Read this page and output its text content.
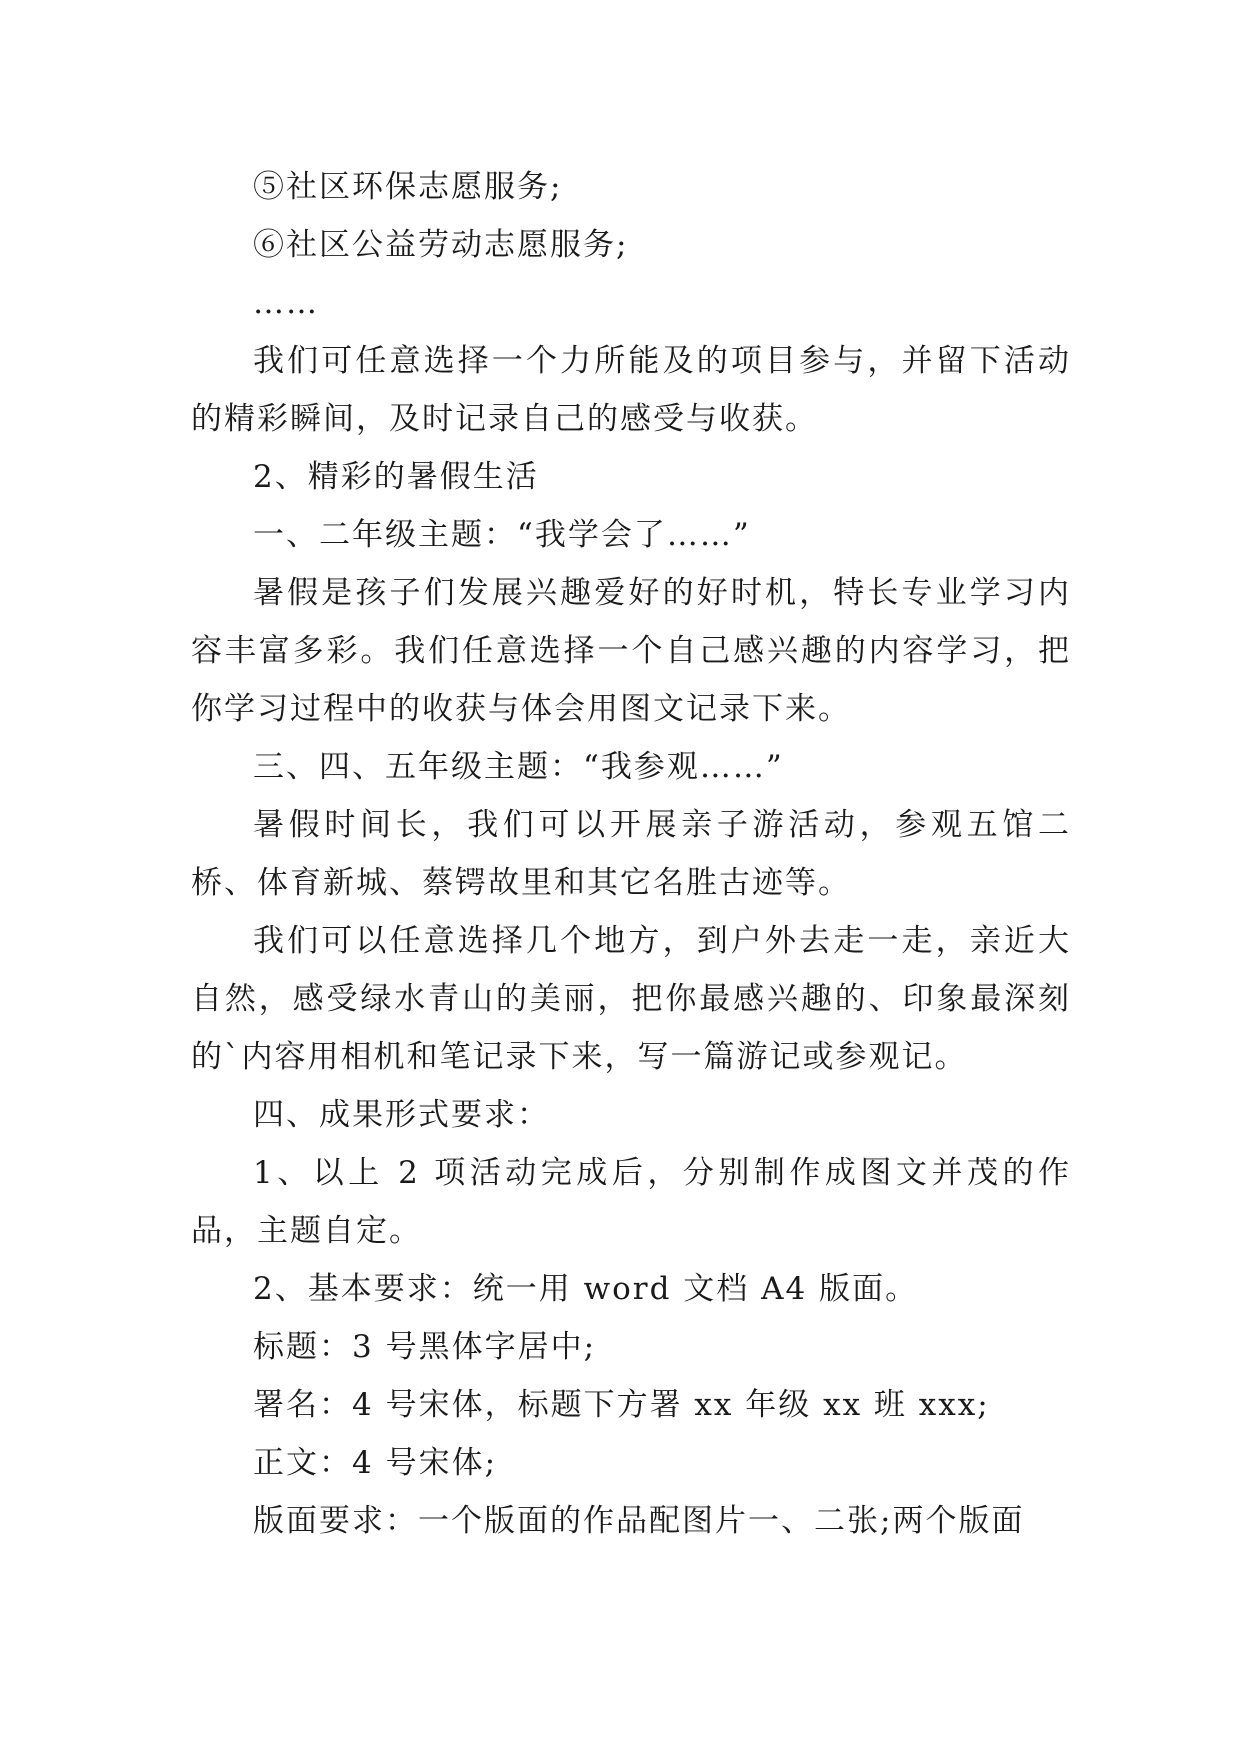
⑤社区环保志愿服务;

⑥社区公益劳动志愿服务;

……

我们可任意选择一个力所能及的项目参与，并留下活动的精彩瞬间，及时记录自己的感受与收获。

2、精彩的暑假生活

一、二年级主题：“我学会了……”

暑假是孩子们发展兴趣爱好的好时机，特长专业学习内容丰富多彩。我们任意选择一个自己感兴趣的内容学习，把你学习过程中的收获与体会用图文记录下来。

三、四、五年级主题：“我参观……”

暑假时间长，我们可以开展亲子游活动，参观五馆二桥、体育新城、蔡锷故里和其它名胜古迹等。

我们可以任意选择几个地方，到户外去走一走，亲近大自然，感受绿水青山的美丽，把你最感兴趣的、印象最深刻的`内容用相机和笔记录下来，写一篇游记或参观记。

四、成果形式要求：

1、以上 2 项活动完成后，分别制作成图文并茂的作品，主题自定。

2、基本要求：统一用 word 文档 A4 版面。

标题：3 号黑体字居中;

署名：4 号宋体，标题下方署 xx 年级 xx 班 xxx;

正文：4 号宋体;

版面要求：一个版面的作品配图片一、二张;两个版面
